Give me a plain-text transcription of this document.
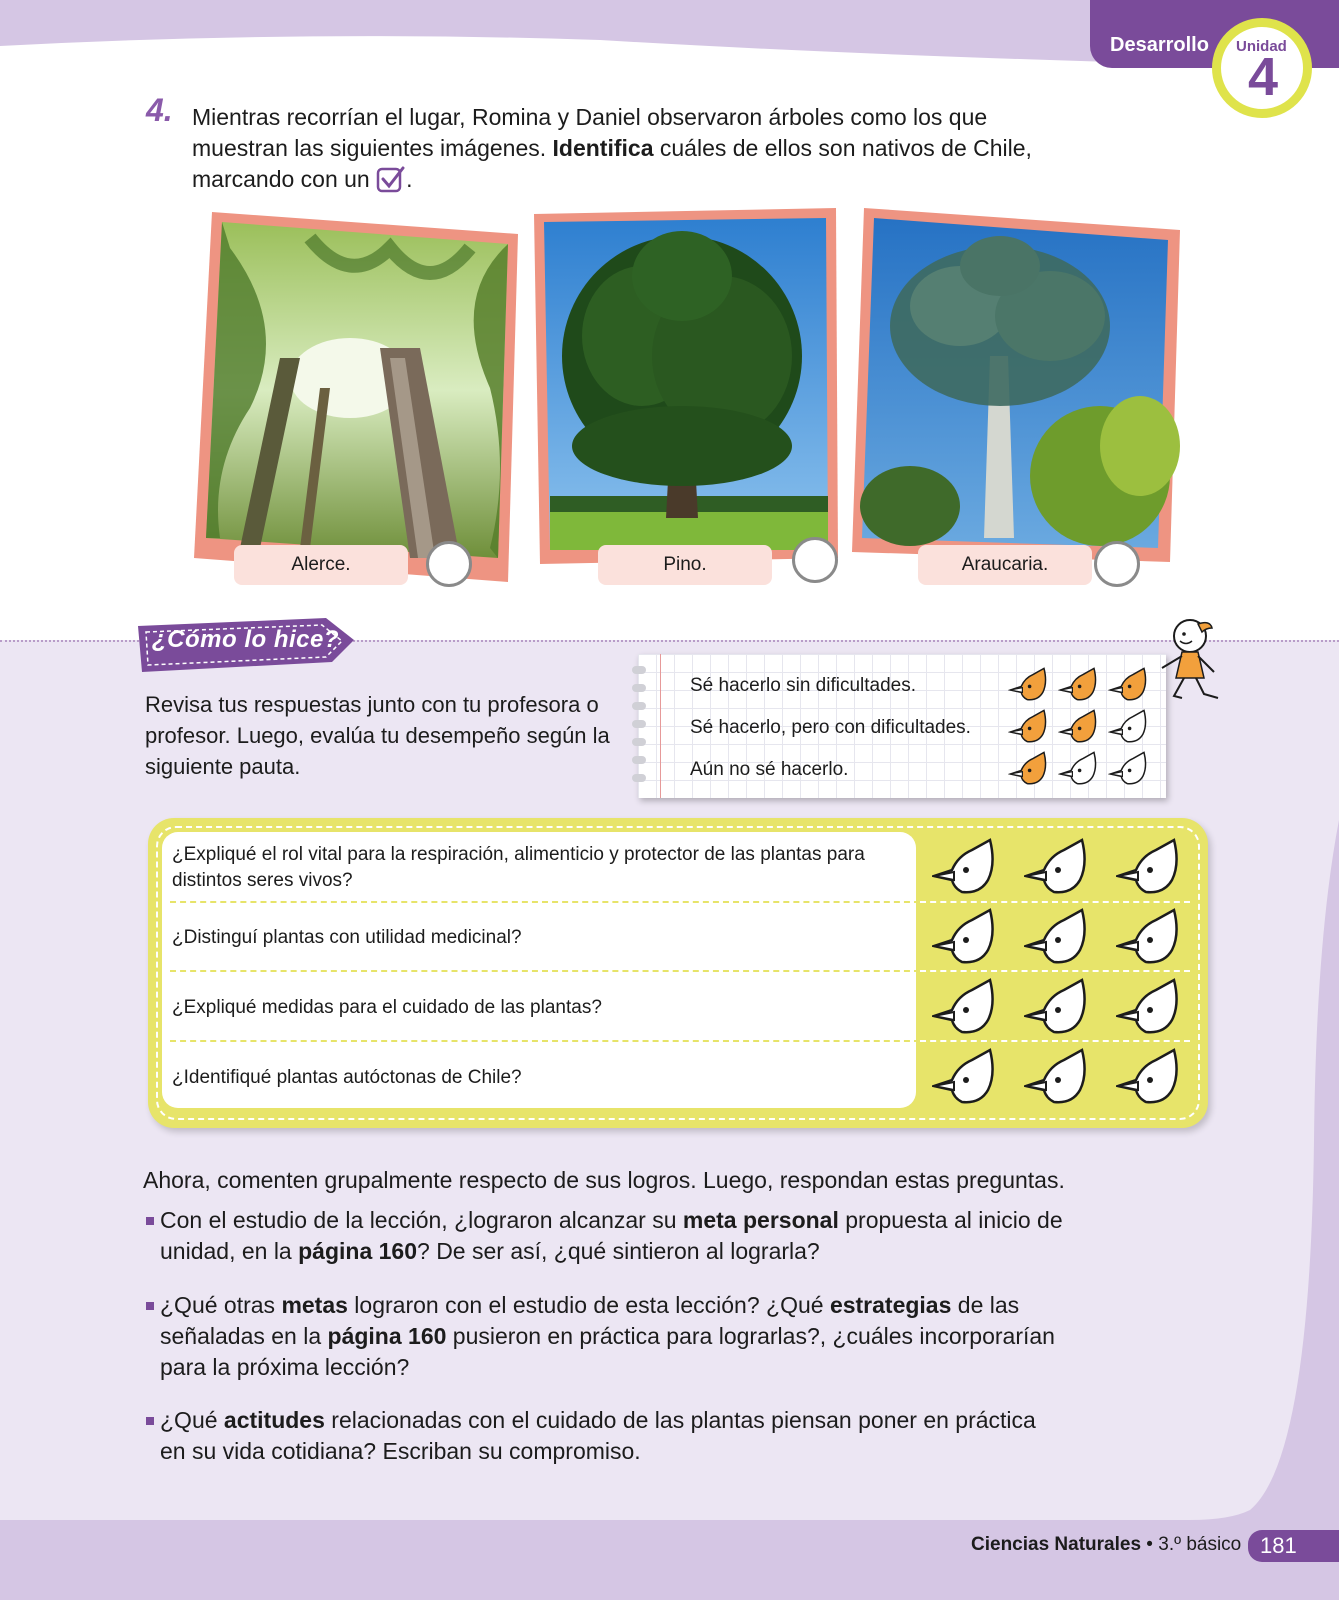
Desarrollo Unidad
4
4. Mientras recorrían el lugar, Romina y Daniel observaron árboles como los que muestran las siguientes imágenes. Identifica cuáles de ellos son nativos de Chile, marcando con un .
Alerce.	Pino.	Araucaria.
¿Cómo lo hice?
Revisa tus respuestas junto con tu profesora o profesor. Luego, evalúa tu desempeño según la siguiente pauta.
Sé hacerlo sin dificultades.
Sé hacerlo, pero con dificultades.
Aún no sé hacerlo.
¿Expliqué el rol vital para la respiración, alimenticio y protector de las plantas para distintos seres vivos?
¿Distinguí plantas con utilidad medicinal?
¿Expliqué medidas para el cuidado de las plantas?
¿Identifiqué plantas autóctonas de Chile?
Ahora, comenten grupalmente respecto de sus logros. Luego, respondan estas preguntas.
Con el estudio de la lección, ¿lograron alcanzar su meta personal propuesta al inicio de unidad, en la página 160? De ser así, ¿qué sintieron al lograrla?
¿Qué otras metas lograron con el estudio de esta lección? ¿Qué estrategias de las señaladas en la página 160 pusieron en práctica para lograrlas?, ¿cuáles incorporarían para la próxima lección?
¿Qué actitudes relacionadas con el cuidado de las plantas piensan poner en práctica en su vida cotidiana? Escriban su compromiso.
Ciencias Naturales • 3.º básico 181
